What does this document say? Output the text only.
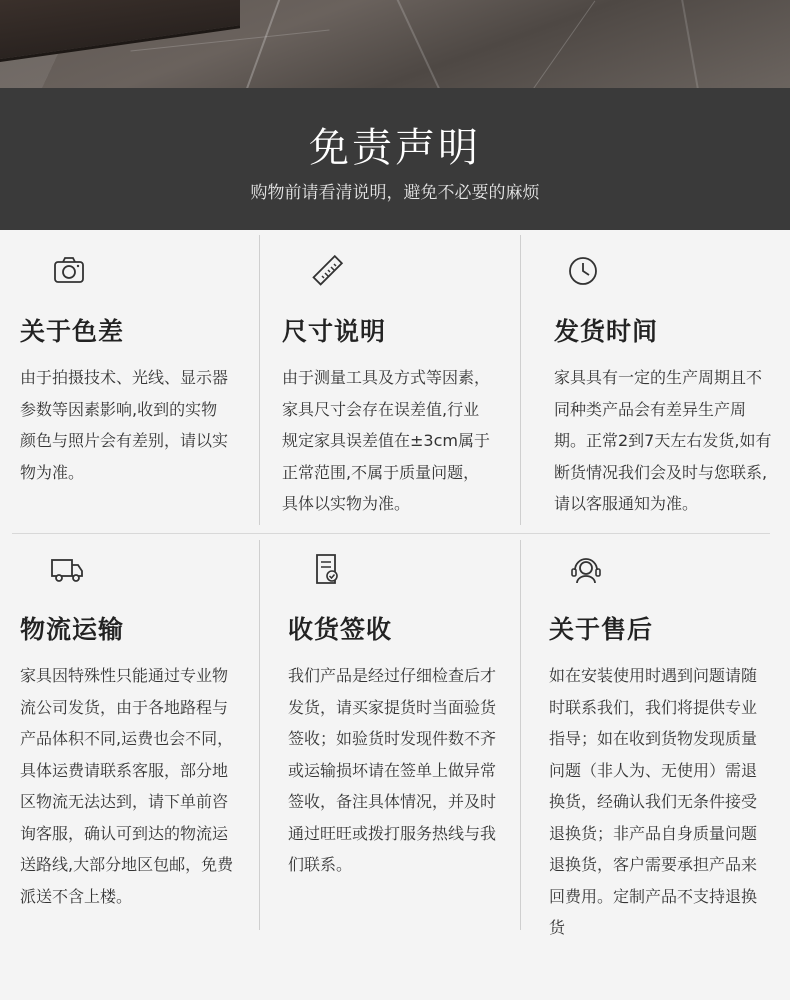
免责声明
购物前请看清说明，避免不必要的麻烦
关于色差
由于拍摄技术、光线、显示器参数等因素影响,收到的实物颜色与照片会有差别，请以实物为准。
尺寸说明
由于测量工具及方式等因素，家具尺寸会存在误差值,行业规定家具误差值在±3cm属于正常范围,不属于质量问题，具体以实物为准。
发货时间
家具具有一定的生产周期且不同种类产品会有差异生产周期。正常2到7天左右发货,如有断货情况我们会及时与您联系,请以客服通知为准。
物流运输
家具因特殊性只能通过专业物流公司发货，由于各地路程与产品体积不同,运费也会不同，具体运费请联系客服，部分地区物流无法达到，请下单前咨询客服，确认可到达的物流运送路线,大部分地区包邮，免费派送不含上楼。
收货签收
我们产品是经过仔细检查后才发货，请买家提货时当面验货签收；如验货时发现件数不齐或运输损坏请在签单上做异常签收，备注具体情况，并及时通过旺旺或拨打服务热线与我们联系。
关于售后
如在安装使用时遇到问题请随时联系我们，我们将提供专业指导；如在收到货物发现质量问题（非人为、无使用）需退换货，经确认我们无条件接受退换货；非产品自身质量问题退换货，客户需要承担产品来回费用。定制产品不支持退换货
